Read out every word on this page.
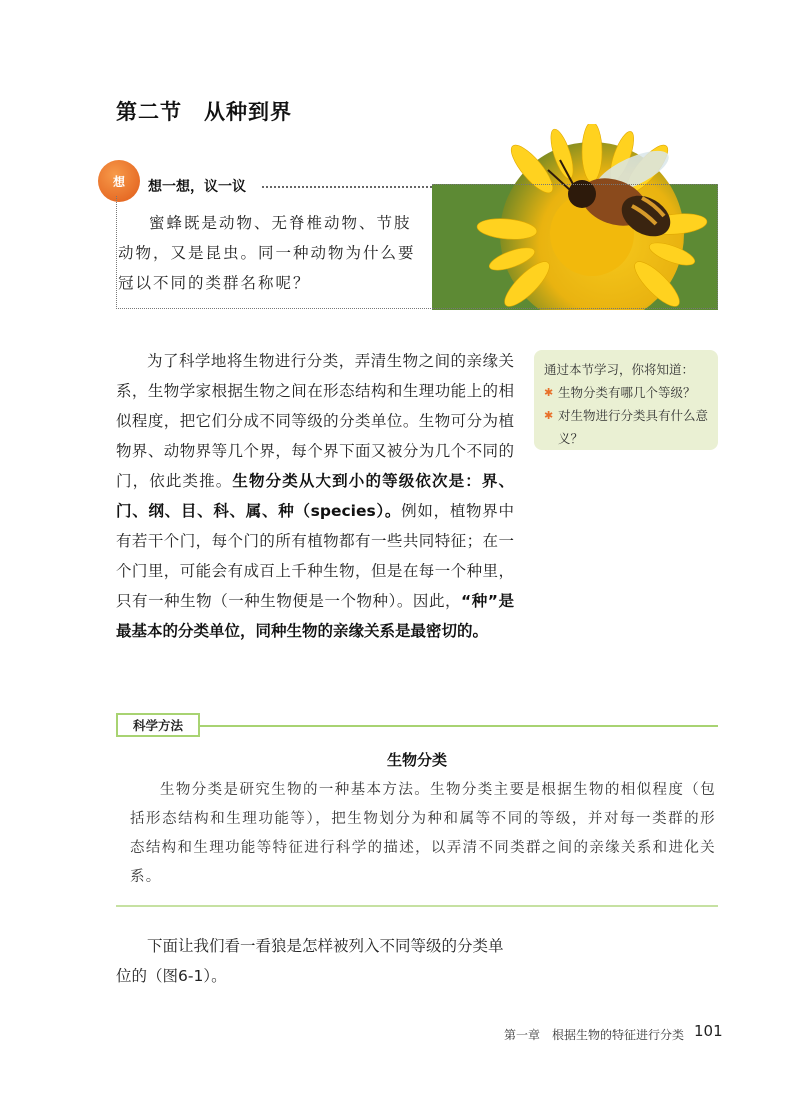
第二节　从种到界
想 想一想，议一议
蜜蜂既是动物、无脊椎动物、节肢动物，又是昆虫。同一种动物为什么要冠以不同的类群名称呢？
为了科学地将生物进行分类，弄清生物之间的亲缘关系，生物学家根据生物之间在形态结构和生理功能上的相似程度，把它们分成不同等级的分类单位。生物可分为植物界、动物界等几个界，每个界下面又被分为几个不同的门，依此类推。生物分类从大到小的等级依次是：界、门、纲、目、科、属、种（species）。例如，植物界中有若干个门，每个门的所有植物都有一些共同特征；在一个门里，可能会有成百上千种生物，但是在每一个种里，只有一种生物（一种生物便是一个物种）。因此，“种”是最基本的分类单位，同种生物的亲缘关系是最密切的。
通过本节学习，你将知道：
✱ 生物分类有哪几个等级？
✱ 对生物进行分类具有什么意义？
科学方法
生物分类
生物分类是研究生物的一种基本方法。生物分类主要是根据生物的相似程度（包括形态结构和生理功能等），把生物划分为种和属等不同的等级，并对每一类群的形态结构和生理功能等特征进行科学的描述，以弄清不同类群之间的亲缘关系和进化关系。
下面让我们看一看狼是怎样被列入不同等级的分类单位的（图6-1）。
第一章　根据生物的特征进行分类 101
